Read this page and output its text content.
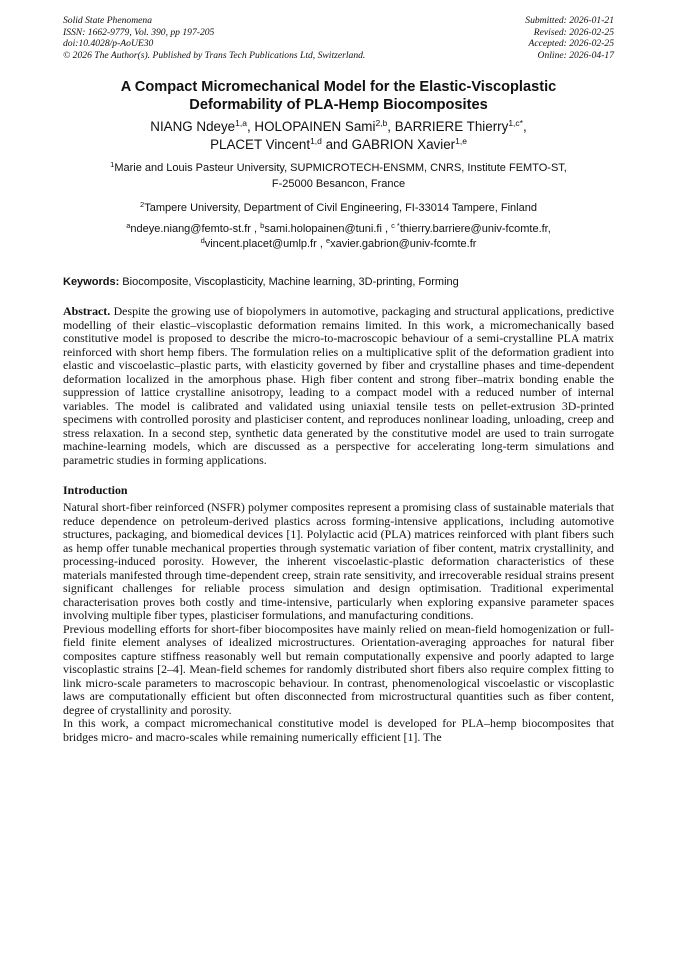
Solid State Phenomena
ISSN: 1662-9779, Vol. 390, pp 197-205
doi:10.4028/p-AoUE30
© 2026 The Author(s). Published by Trans Tech Publications Ltd, Switzerland.
Submitted: 2026-01-21
Revised: 2026-02-25
Accepted: 2026-02-25
Online: 2026-04-17
A Compact Micromechanical Model for the Elastic-Viscoplastic
Deformability of PLA-Hemp Biocomposites
NIANG Ndeye$^{1,a}$, HOLOPAINEN Sami$^{2,b}$, BARRIERE Thierry$^{1,c*}$,
PLACET Vincent$^{1,d}$ and GABRION Xavier$^{1,e}$
$^1$Marie and Louis Pasteur University, SUPMICROTECH-ENSMM, CNRS, Institute FEMTO-ST,
F-25000 Besancon, France
$^2$Tampere University, Department of Civil Engineering, FI-33014 Tampere, Finland
$^a$ndeye.niang@femto-st.fr , $^b$sami.holopainen@tuni.fi , $^{c *}$thierry.barriere@univ-fcomte.fr,
$^d$vincent.placet@umlp.fr , $^e$xavier.gabrion@univ-fcomte.fr
Keywords: Biocomposite, Viscoplasticity, Machine learning, 3D-printing, Forming
Abstract. Despite the growing use of biopolymers in automotive, packaging and structural applications, predictive modelling of their elastic–viscoplastic deformation remains limited. In this work, a micromechanically based constitutive model is proposed to describe the micro-to-macroscopic behaviour of a semi-crystalline PLA matrix reinforced with short hemp fibers. The formulation relies on a multiplicative split of the deformation gradient into elastic and viscoelastic–plastic parts, with elasticity governed by fiber and crystalline phases and time-dependent deformation localized in the amorphous phase. High fiber content and strong fiber–matrix bonding enable the suppression of lattice crystalline anisotropy, leading to a compact model with a reduced number of internal variables. The model is calibrated and validated using uniaxial tensile tests on pellet-extrusion 3D-printed specimens with controlled porosity and plasticiser content, and reproduces nonlinear loading, unloading, creep and stress relaxation. In a second step, synthetic data generated by the constitutive model are used to train surrogate machine-learning models, which are discussed as a perspective for accelerating long-term simulations and parametric studies in forming applications.
Introduction

Natural short-fiber reinforced (NSFR) polymer composites represent a promising class of sustainable materials that reduce dependence on petroleum-derived plastics across forming-intensive applications, including automotive structures, packaging, and biomedical devices [1]. Polylactic acid (PLA) matrices reinforced with plant fibers such as hemp offer tunable mechanical properties through systematic variation of fiber content, matrix crystallinity, and processing-induced porosity. However, the inherent viscoelastic-plastic deformation characteristics of these materials manifested through time-dependent creep, strain rate sensitivity, and irrecoverable residual strains present significant challenges for reliable process simulation and design optimisation. Traditional experimental characterisation proves both costly and time-intensive, particularly when exploring expansive parameter spaces involving multiple fiber types, plasticiser formulations, and manufacturing conditions.

Previous modelling efforts for short-fiber biocomposites have mainly relied on mean-field homogenization or full-field finite element analyses of idealized microstructures. Orientation-averaging approaches for natural fiber composites capture stiffness reasonably well but remain computationally expensive and poorly adapted to large viscoplastic strains [2–4]. Mean-field schemes for randomly distributed short fibers also require complex fitting to link micro-scale parameters to macroscopic behaviour. In contrast, phenomenological viscoelastic or viscoplastic laws are computationally efficient but often disconnected from microstructural quantities such as fiber content, degree of crystallinity and porosity.

In this work, a compact micromechanical constitutive model is developed for PLA–hemp biocomposites that bridges micro- and macro-scales while remaining numerically efficient [1]. The
